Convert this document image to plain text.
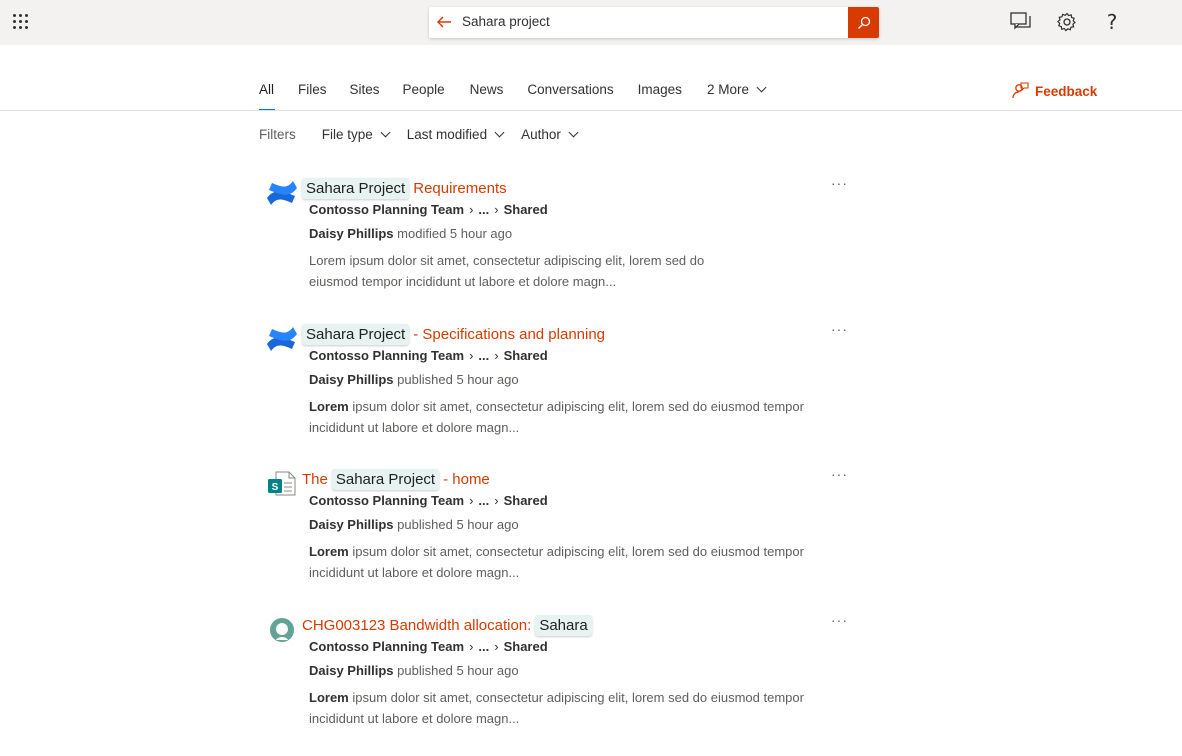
Sahara project	?
All Files Sites People News Conversations Images 2 More	Feedback
Filters File type	Last modified	Author
Sahara Project Requirements	···
Contosso Planning Team › ... › Shared
Daisy Phillips modified 5 hour ago
Lorem ipsum dolor sit amet, consectetur adipiscing elit, lorem sed do eiusmod tempor incididunt ut labore et dolore magn...
Sahara Project - Specifications and planning	···
Contosso Planning Team › ... › Shared
Daisy Phillips published 5 hour ago
Lorem ipsum dolor sit amet, consectetur adipiscing elit, lorem sed do eiusmod tempor incididunt ut labore et dolore magn...
S The Sahara Project - home	···
Contosso Planning Team › ... › Shared
Daisy Phillips published 5 hour ago
Lorem ipsum dolor sit amet, consectetur adipiscing elit, lorem sed do eiusmod tempor incididunt ut labore et dolore magn...
CHG003123 Bandwidth allocation: Sahara	···
Contosso Planning Team › ... › Shared
Daisy Phillips published 5 hour ago
Lorem ipsum dolor sit amet, consectetur adipiscing elit, lorem sed do eiusmod tempor incididunt ut labore et dolore magn...
